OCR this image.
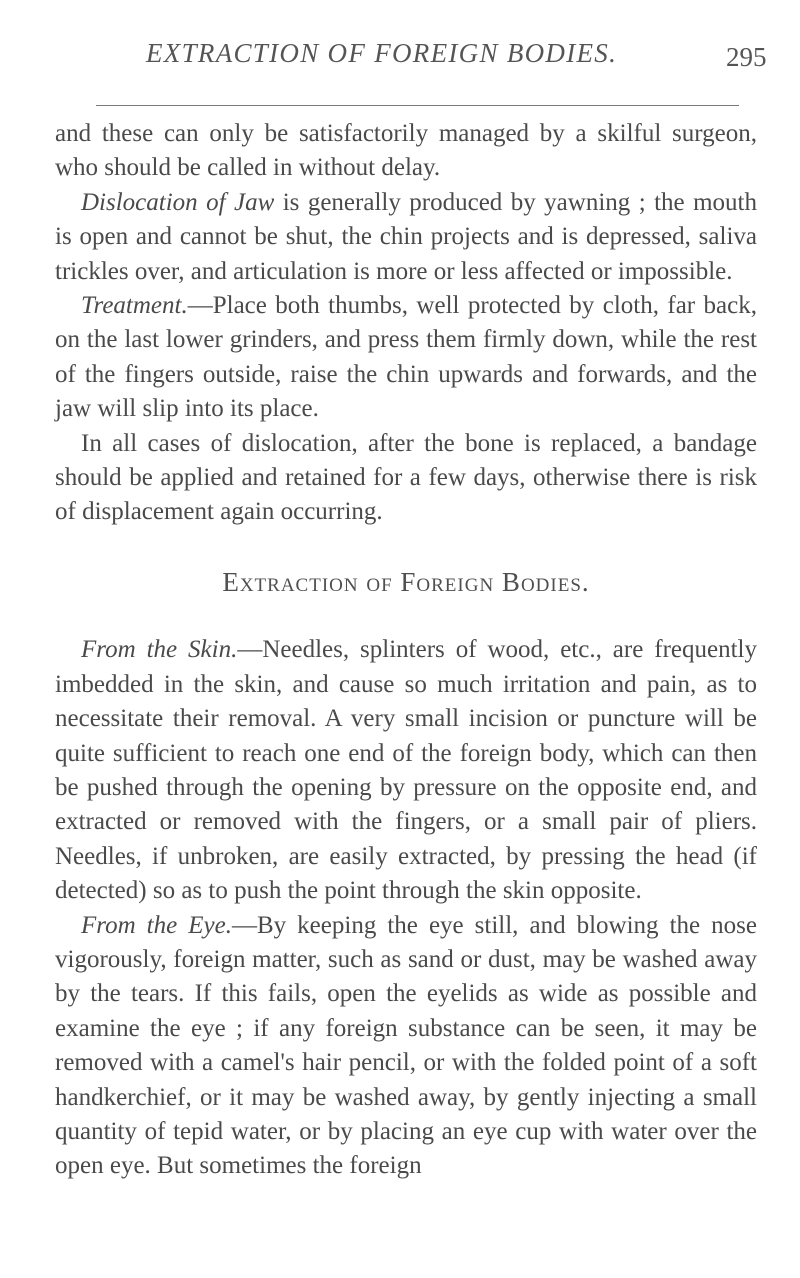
EXTRACTION OF FOREIGN BODIES.	295

and these can only be satisfactorily managed by a skilful surgeon, who should be called in without delay.

Dislocation of Jaw is generally produced by yawning ; the mouth is open and cannot be shut, the chin projects and is depressed, saliva trickles over, and articulation is more or less affected or impossible.

Treatment.—Place both thumbs, well protected by cloth, far back, on the last lower grinders, and press them firmly down, while the rest of the fingers outside, raise the chin upwards and forwards, and the jaw will slip into its place.

In all cases of dislocation, after the bone is replaced, a bandage should be applied and retained for a few days, otherwise there is risk of displacement again occurring.

Extraction of Foreign Bodies.

From the Skin.—Needles, splinters of wood, etc., are frequently imbedded in the skin, and cause so much irritation and pain, as to necessitate their removal. A very small incision or puncture will be quite sufficient to reach one end of the foreign body, which can then be pushed through the opening by pressure on the opposite end, and extracted or removed with the fingers, or a small pair of pliers. Needles, if unbroken, are easily extracted, by pressing the head (if detected) so as to push the point through the skin opposite.

From the Eye.—By keeping the eye still, and blowing the nose vigorously, foreign matter, such as sand or dust, may be washed away by the tears. If this fails, open the eyelids as wide as possible and examine the eye ; if any foreign substance can be seen, it may be removed with a camel's hair pencil, or with the folded point of a soft handkerchief, or it may be washed away, by gently injecting a small quantity of tepid water, or by placing an eye cup with water over the open eye. But sometimes the foreign
